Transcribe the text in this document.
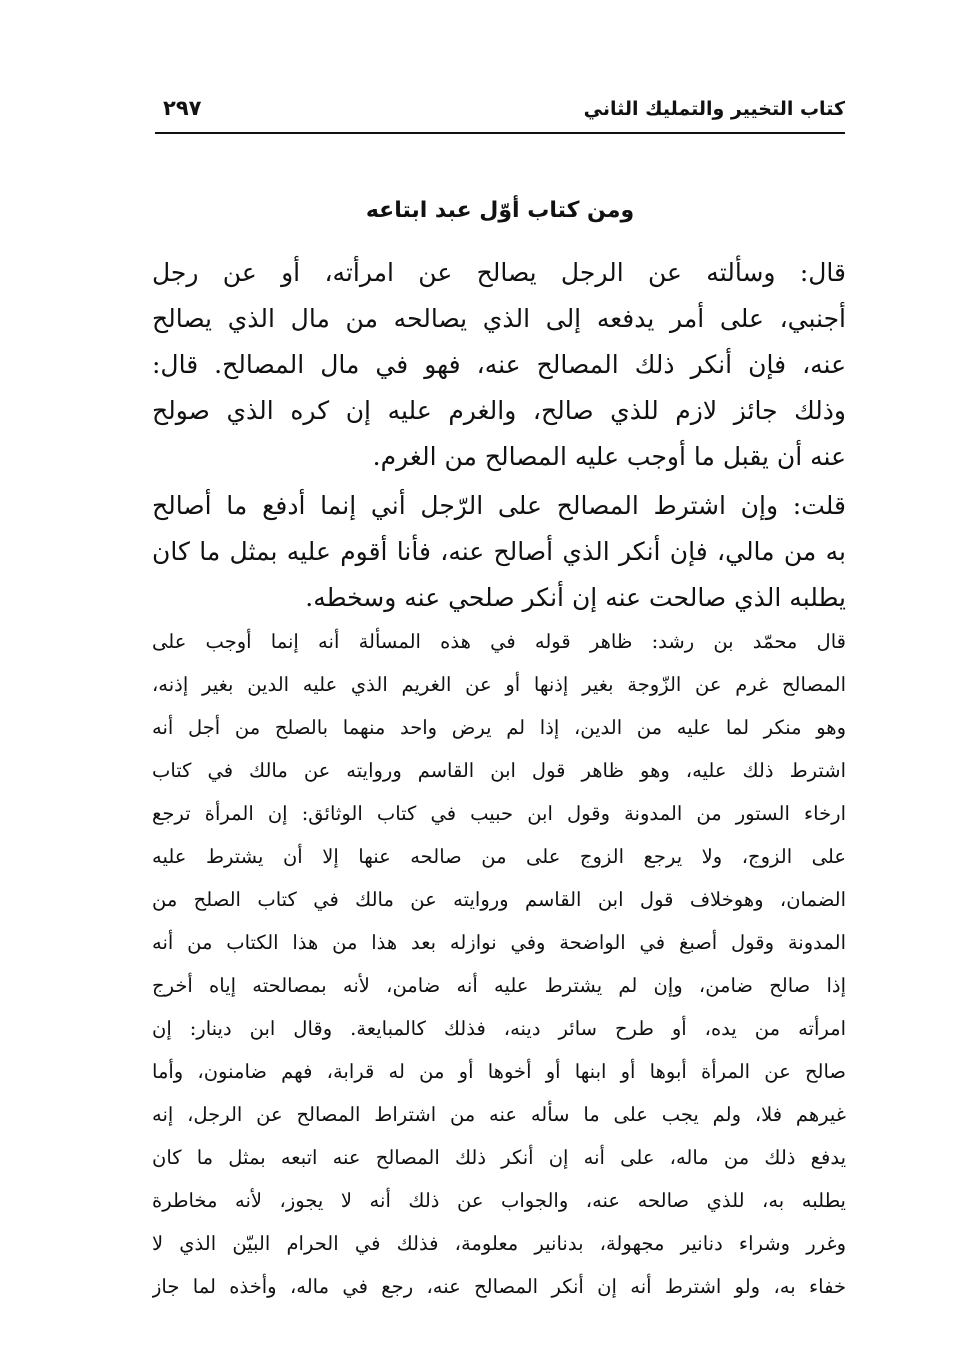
كتاب التخيير والتمليك الثاني
٢٩٧
ومن كتاب أوّل عبد ابتاعه
قال: وسألته عن الرجل يصالح عن امرأته، أو عن رجل
أجنبي، على أمر يدفعه إلى الذي يصالحه من مال الذي يصالح
عنه، فإن أنكر ذلك المصالح عنه، فهو في مال المصالح. قال:
وذلك جائز لازم للذي صالح، والغرم عليه إن كره الذي صولح
عنه أن يقبل ما أوجب عليه المصالح من الغرم.
قلت: وإن اشترط المصالح على الرّجل أني إنما أدفع ما أصالح
به من مالي، فإن أنكر الذي أصالح عنه، فأنا أقوم عليه بمثل ما كان
يطلبه الذي صالحت عنه إن أنكر صلحي عنه وسخطه.
قال محمّد بن رشد: ظاهر قوله في هذه المسألة أنه إنما أوجب على
المصالح غرم عن الزّوجة بغير إذنها أو عن الغريم الذي عليه الدين بغير إذنه،
وهو منكر لما عليه من الدين، إذا لم يرض واحد منهما بالصلح من أجل أنه
اشترط ذلك عليه، وهو ظاهر قول ابن القاسم وروايته عن مالك في كتاب
ارخاء الستور من المدونة وقول ابن حبيب في كتاب الوثائق: إن المرأة ترجع
على الزوج، ولا يرجع الزوج على من صالحه عنها إلا أن يشترط عليه
الضمان، وهوخلاف قول ابن القاسم وروايته عن مالك في كتاب الصلح من
المدونة وقول أصبغ في الواضحة وفي نوازله بعد هذا من هذا الكتاب من أنه
إذا صالح ضامن، وإن لم يشترط عليه أنه ضامن، لأنه بمصالحته إياه أخرج
امرأته من يده، أو طرح سائر دينه، فذلك كالمبايعة. وقال ابن دينار: إن
صالح عن المرأة أبوها أو ابنها أو أخوها أو من له قرابة، فهم ضامنون، وأما
غيرهم فلا، ولم يجب على ما سأله عنه من اشتراط المصالح عن الرجل، إنه
يدفع ذلك من ماله، على أنه إن أنكر ذلك المصالح عنه اتبعه بمثل ما كان
يطلبه به، للذي صالحه عنه، والجواب عن ذلك أنه لا يجوز، لأنه مخاطرة
وغرر وشراء دنانير مجهولة، بدنانير معلومة، فذلك في الحرام البيّن الذي لا
خفاء به، ولو اشترط أنه إن أنكر المصالح عنه، رجع في ماله، وأخذه لما جاز
